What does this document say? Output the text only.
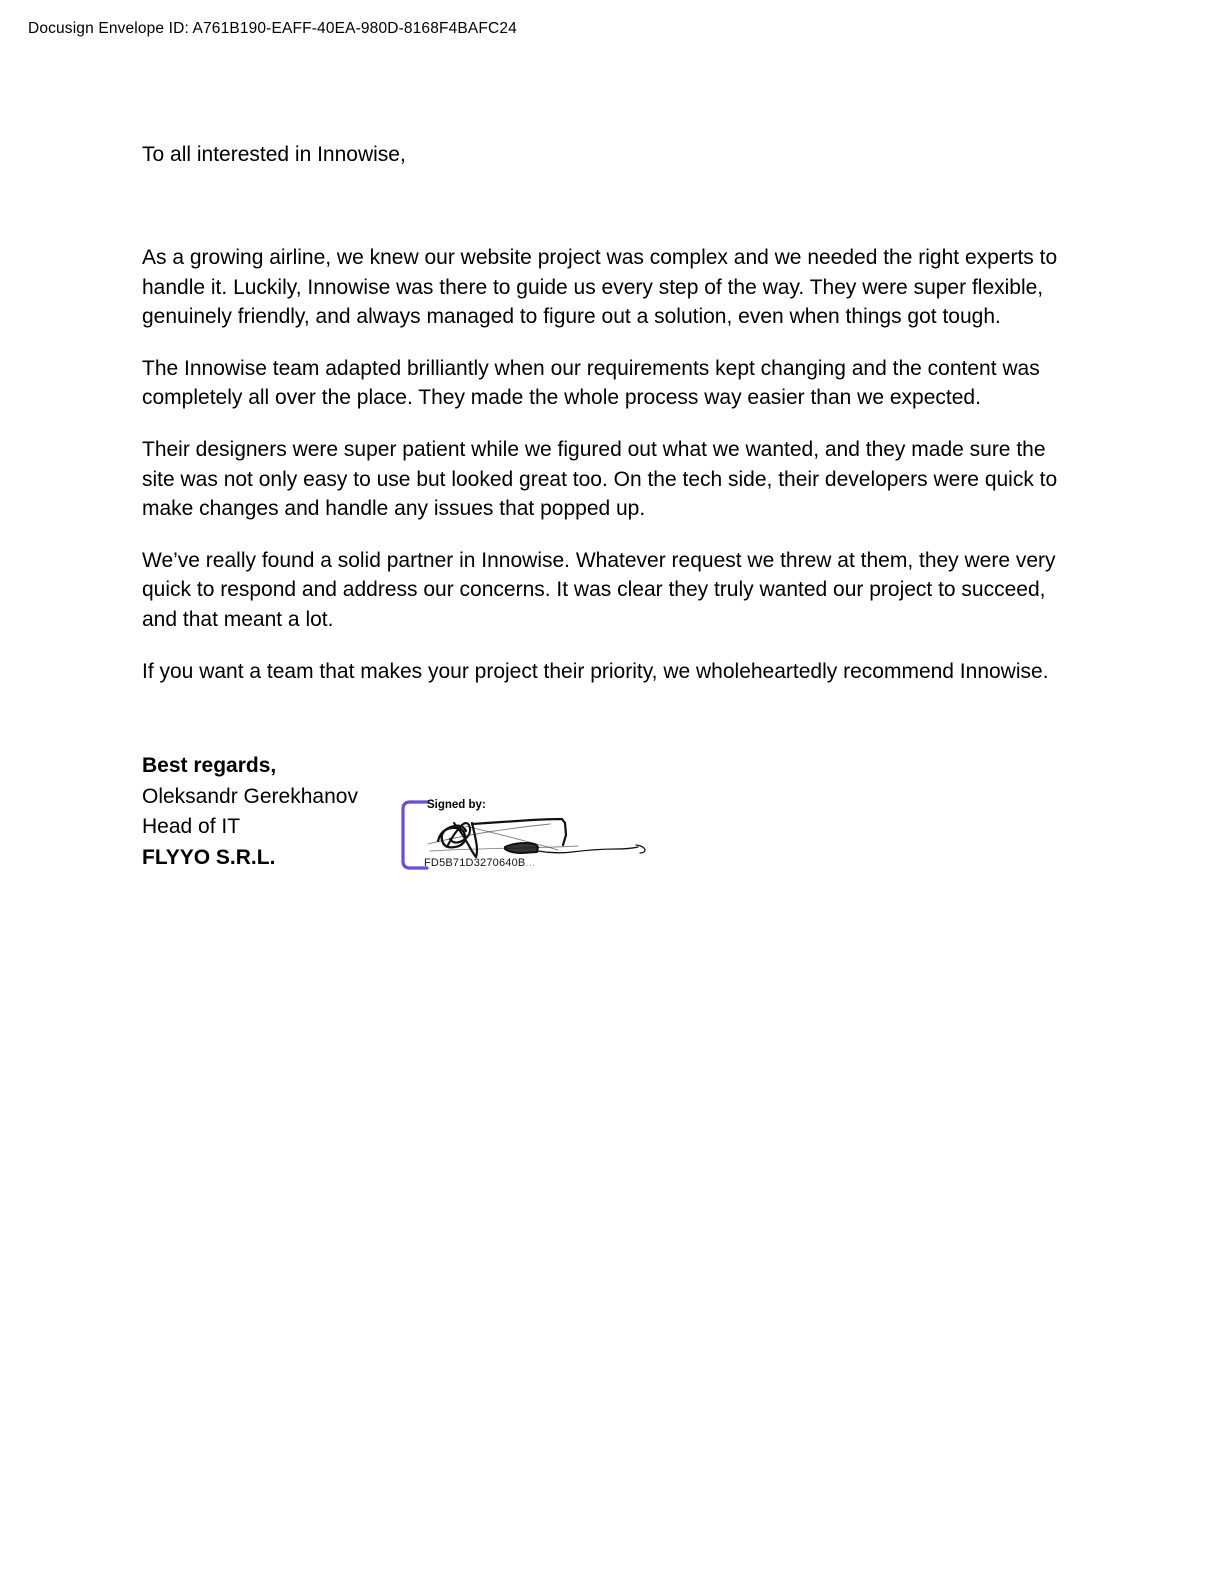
Docusign Envelope ID: A761B190-EAFF-40EA-980D-8168F4BAFC24

To all interested in Innowise,

As a growing airline, we knew our website project was complex and we needed the right experts to handle it. Luckily, Innowise was there to guide us every step of the way. They were super flexible, genuinely friendly, and always managed to figure out a solution, even when things got tough.

The Innowise team adapted brilliantly when our requirements kept changing and the content was completely all over the place. They made the whole process way easier than we expected.

Their designers were super patient while we figured out what we wanted, and they made sure the site was not only easy to use but looked great too. On the tech side, their developers were quick to make changes and handle any issues that popped up.

We’ve really found a solid partner in Innowise. Whatever request we threw at them, they were very quick to respond and address our concerns. It was clear they truly wanted our project to succeed, and that meant a lot.

If you want a team that makes your project their priority, we wholeheartedly recommend Innowise.

Best regards,
Oleksandr Gerekhanov
Head of IT
FLYYO S.R.L.
Signed by:
FD5B71D3270640B...
